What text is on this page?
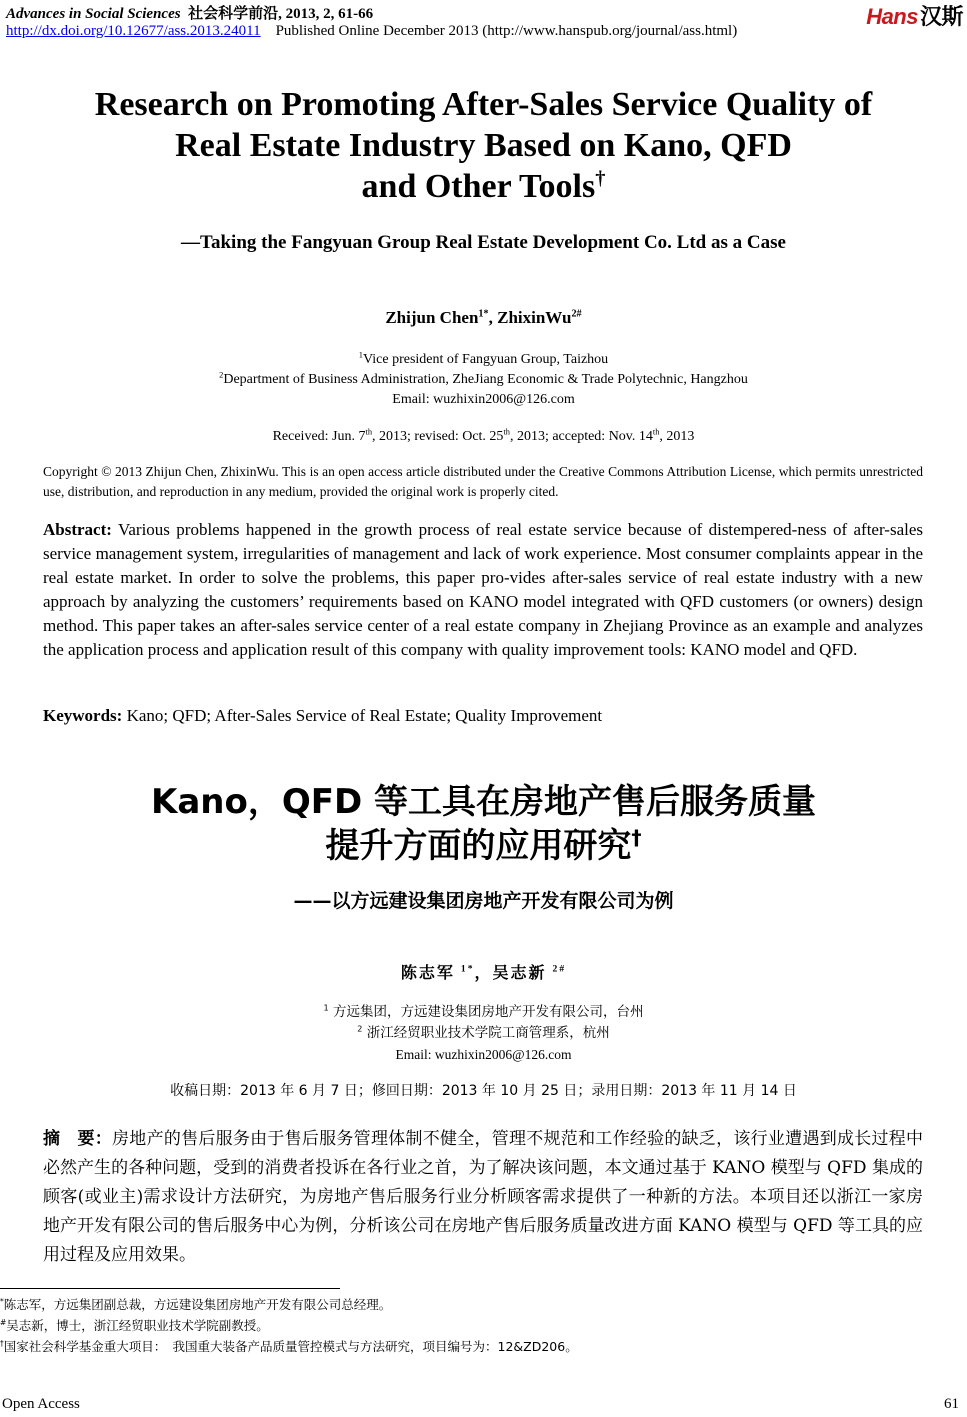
Advances in Social Sciences 社会科学前沿, 2013, 2, 61-66
http://dx.doi.org/10.12677/ass.2013.24011 Published Online December 2013 (http://www.hanspub.org/journal/ass.html)
Hans汉斯
Research on Promoting After-Sales Service Quality of
Real Estate Industry Based on Kano, QFD
and Other Tools†
—Taking the Fangyuan Group Real Estate Development Co. Ltd as a Case
Zhijun Chen$^{1*}$, ZhixinWu$^{2\#}$
$^1$Vice president of Fangyuan Group, Taizhou
$^2$Department of Business Administration, ZheJiang Economic & Trade Polytechnic, Hangzhou
Email: wuzhixin2006@126.com
Received: Jun. 7th, 2013; revised: Oct. 25th, 2013; accepted: Nov. 14th, 2013
Copyright © 2013 Zhijun Chen, ZhixinWu. This is an open access article distributed under the Creative Commons Attribution License, which permits unrestricted use, distribution, and reproduction in any medium, provided the original work is properly cited.
Abstract: Various problems happened in the growth process of real estate service because of distempered-ness of after-sales service management system, irregularities of management and lack of work experience. Most consumer complaints appear in the real estate market. In order to solve the problems, this paper pro-vides after-sales service of real estate industry with a new approach by analyzing the customers’ requirements based on KANO model integrated with QFD customers (or owners) design method. This paper takes an after-sales service center of a real estate company in Zhejiang Province as an example and analyzes the application process and application result of this company with quality improvement tools: KANO model and QFD.
Keywords: Kano; QFD; After-Sales Service of Real Estate; Quality Improvement
Kano，QFD 等工具在房地产售后服务质量
提升方面的应用研究†
——以方远建设集团房地产开发有限公司为例
陈志军 $^{1*}$，吴志新 $^{2\#}$
$^1$ 方远集团，方远建设集团房地产开发有限公司，台州
$^2$ 浙江经贸职业技术学院工商管理系，杭州
Email: wuzhixin2006@126.com
收稿日期：2013 年 6 月 7 日；修回日期：2013 年 10 月 25 日；录用日期：2013 年 11 月 14 日
摘　要：房地产的售后服务由于售后服务管理体制不健全，管理不规范和工作经验的缺乏，该行业遭遇到成长过程中必然产生的各种问题，受到的消费者投诉在各行业之首，为了解决该问题，本文通过基于 KANO 模型与 QFD 集成的顾客(或业主)需求设计方法研究，为房地产售后服务行业分析顾客需求提供了一种新的方法。本项目还以浙江一家房地产开发有限公司的售后服务中心为例，分析该公司在房地产售后服务质量改进方面 KANO 模型与 QFD 等工具的应用过程及应用效果。
*陈志军，方远集团副总裁，方远建设集团房地产开发有限公司总经理。
#吴志新，博士，浙江经贸职业技术学院副教授。
†国家社会科学基金重大项目：　我国重大装备产品质量管控模式与方法研究，项目编号为：12&ZD206。
Open Access	61
